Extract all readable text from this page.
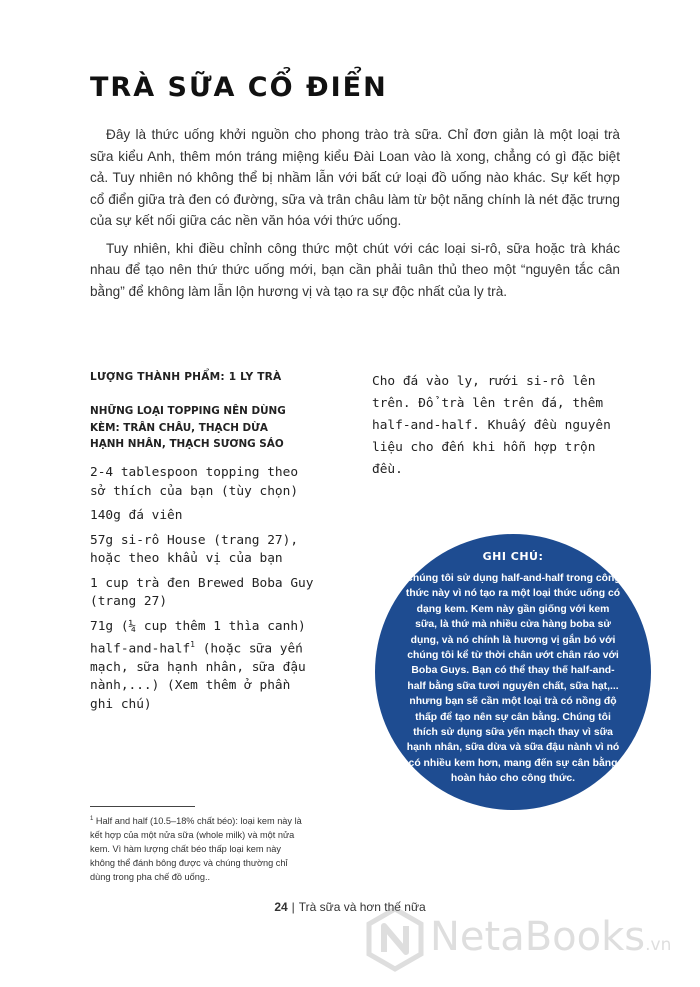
TRÀ SỮA CỔ ĐIỂN

Đây là thức uống khởi nguồn cho phong trào trà sữa. Chỉ đơn giản là một loại trà sữa kiểu Anh, thêm món tráng miệng kiểu Đài Loan vào là xong, chẳng có gì đặc biệt cả. Tuy nhiên nó không thể bị nhầm lẫn với bất cứ loại đồ uống nào khác. Sự kết hợp cổ điển giữa trà đen có đường, sữa và trân châu làm từ bột năng chính là nét đặc trưng của sự kết nối giữa các nền văn hóa với thức uống.

Tuy nhiên, khi điều chỉnh công thức một chút với các loại si-rô, sữa hoặc trà khác nhau để tạo nên thứ thức uống mới, bạn cần phải tuân thủ theo một “nguyên tắc cân bằng” để không làm lẫn lộn hương vị và tạo ra sự độc nhất của ly trà.

LƯỢNG THÀNH PHẨM: 1 LY TRÀ
NHỮNG LOẠI TOPPING NÊN DÙNG KÈM: TRÂN CHÂU, THẠCH DỪA HẠNH NHÂN, THẠCH SƯƠNG SÁO
2-4 tablespoon topping theo sở thích của bạn (tùy chọn)
140g đá viên
57g si-rô House (trang 27), hoặc theo khẩu vị của bạn
1 cup trà đen Brewed Boba Guy (trang 27)
71g (¼ cup thêm 1 thìa canh) half-and-half$^1$ (hoặc sữa yến mạch, sữa hạnh nhân, sữa đậu nành,...) (Xem thêm ở phần ghi chú)

Cho đá vào ly, rưới si-rô lên trên. Đổ trà lên trên đá, thêm half-and-half. Khuấy đều nguyên liệu cho đến khi hỗn hợp trộn đều.

GHI CHÚ:

Chúng tôi sử dụng half-and-half trong công thức này vì nó tạo ra một loại thức uống có dạng kem. Kem này gần giống với kem sữa, là thứ mà nhiều cửa hàng boba sử dụng, và nó chính là hương vị gắn bó với chúng tôi kể từ thời chân ướt chân ráo với Boba Guys. Bạn có thể thay thế half-and-half bằng sữa tươi nguyên chất, sữa hạt,... nhưng bạn sẽ cần một loại trà có nồng độ thấp để tạo nên sự cân bằng. Chúng tôi thích sử dụng sữa yến mạch thay vì sữa hạnh nhân, sữa dừa và sữa đậu nành vì nó có nhiều kem hơn, mang đến sự cân bằng hoàn hảo cho công thức.

$^1$ Half and half (10.5–18% chất béo): loại kem này là kết hợp của một nửa sữa (whole milk) và một nửa kem. Vì hàm lượng chất béo thấp loại kem này không thể đánh bông được và chúng thường chỉ dùng trong pha chế đồ uống..

24 | Trà sữa và hơn thế nữa
NetaBooks.vn
